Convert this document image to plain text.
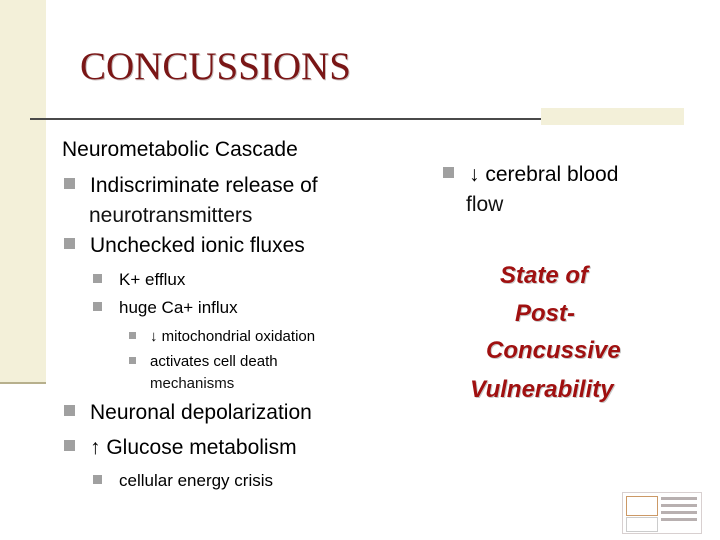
CONCUSSIONS
Neurometabolic Cascade
Indiscriminate release of
neurotransmitters
Unchecked ionic fluxes
K+ efflux
huge Ca+ influx
↓ mitochondrial oxidation
activates cell death
mechanisms
Neuronal depolarization
↑ Glucose metabolism
cellular energy crisis
↓ cerebral blood
flow
State of
Post-
Concussive
Vulnerability
